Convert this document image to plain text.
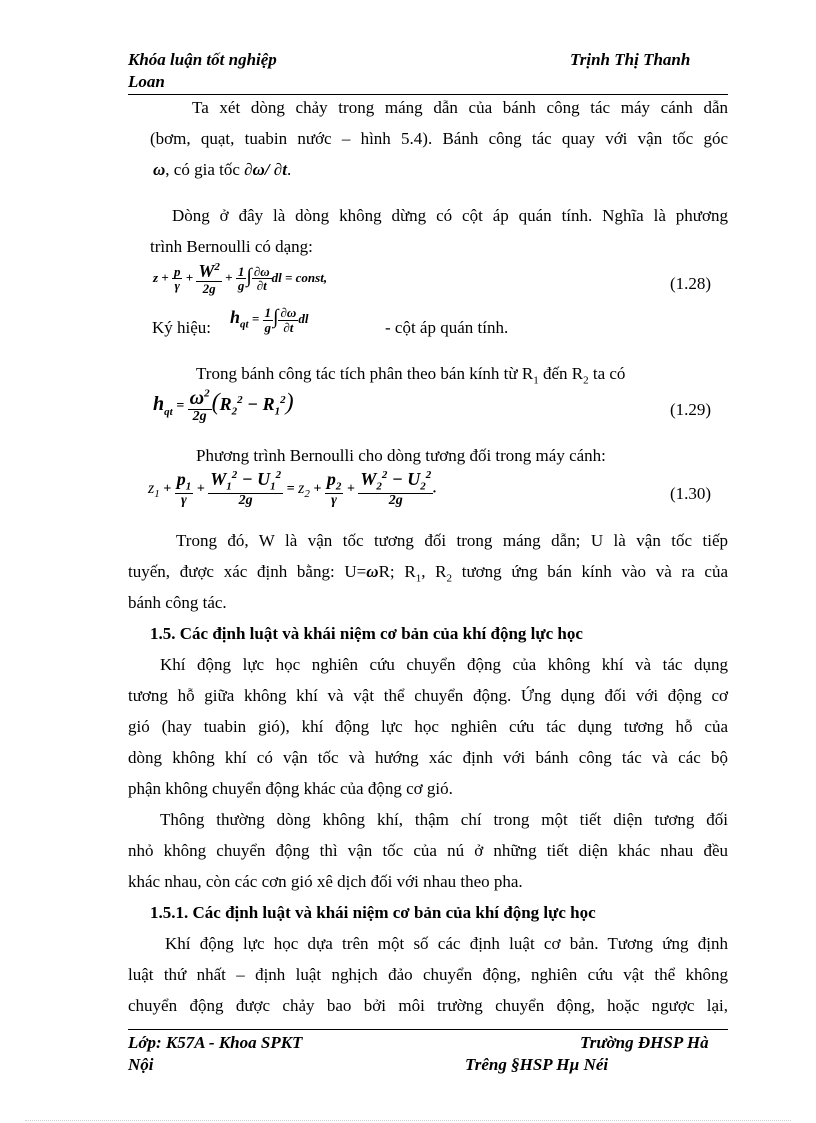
Khóa luận tốt nghiệp
Loan
Trịnh Thị Thanh
Ta xét dòng chảy trong máng dẫn của bánh công tác máy cánh dẫn
(bơm, quạt, tuabin nước – hình 5.4). Bánh công tác quay với vận tốc góc
ω, có gia tốc ∂ω/ ∂t.
Dòng ở đây là dòng không dừng có cột áp quán tính. Nghĩa là phương
trình Bernoulli có dạng:
$z + \frac{p}{\gamma} + \frac{W^2}{2g} + \frac{1}{g}$ ∫ $\frac{\partial\omega}{\partial t}$ dl = const,	(1.28)
Ký hiệu:
$h_{qt} = \frac{1}{g}$ ∫ $\frac{\partial\omega}{\partial t}$ dl	- cột áp quán tính.
Trong bánh công tác tích phân theo bán kính từ $R_1$ đến $R_2$ ta có
$h_{qt} = \frac{\omega^2}{2g} (R_2^2 - R_1^2)$	(1.29)
Phương trình Bernoulli cho dòng tương đối trong máy cánh:
$z_1 + \frac{p_1}{\gamma} + \frac{W_1^2 - U_1^2}{2g} = z_2 + \frac{p_2}{\gamma} + \frac{W_2^2 - U_2^2}{2g}$ .	(1.30)
Trong đó, W là vận tốc tương đối trong máng dẫn; U là vận tốc tiếp
tuyến, được xác định bằng: U=ωR; $R_1$, $R_2$ tương ứng bán kính vào và ra của
bánh công tác.
1.5. Các định luật và khái niệm cơ bản của khí động lực học
Khí động lực học nghiên cứu chuyển động của không khí và tác dụng
tương hỗ giữa không khí và vật thể chuyển động. Ứng dụng đối với động cơ
gió (hay tuabin gió), khí động lực học nghiên cứu tác dụng tương hỗ của
dòng không khí có vận tốc và hướng xác định với bánh công tác và các bộ
phận không chuyển động khác của động cơ gió.
Thông thường dòng không khí, thậm chí trong một tiết diện tương đối
nhỏ không chuyển động thì vận tốc của nú ở những tiết diện khác nhau đều
khác nhau, còn các cơn gió xê dịch đối với nhau theo pha.
1.5.1. Các định luật và khái niệm cơ bản của khí động lực học
Khí động lực học dựa trên một số các định luật cơ bản. Tương ứng định
luật thứ nhất – định luật nghịch đảo chuyển động, nghiên cứu vật thể không
chuyển động được chảy bao bởi môi trường chuyển động, hoặc ngược lại,
Lớp: K57A - Khoa SPKT
Nội
Trường ĐHSP Hà
Trêng §HSP Hµ Néi
